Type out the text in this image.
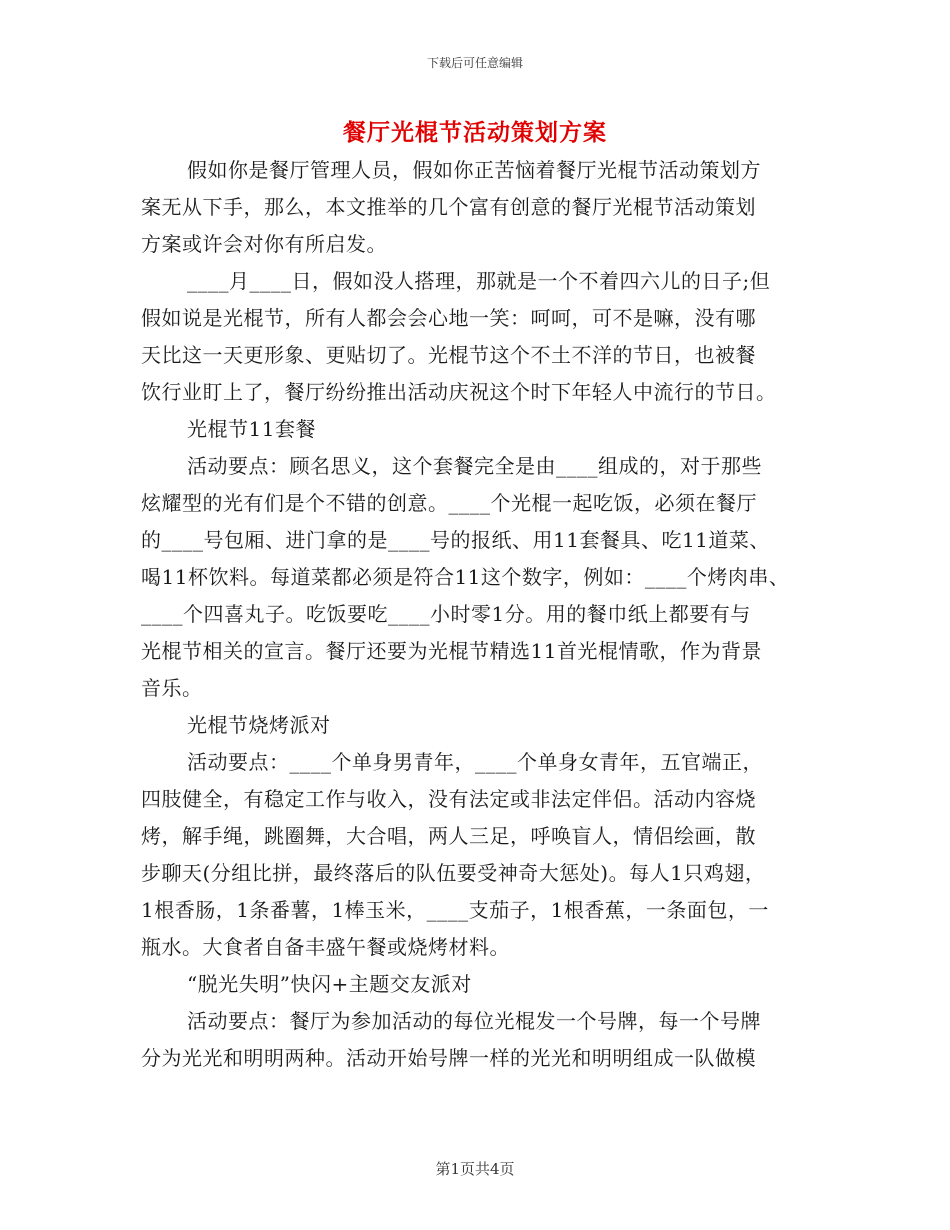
下载后可任意编辑
餐厅光棍节活动策划方案
假如你是餐厅管理人员，假如你正苦恼着餐厅光棍节活动策划方
案无从下手，那么，本文推举的几个富有创意的餐厅光棍节活动策划
方案或许会对你有所启发。
____月____日，假如没人搭理，那就是一个不着四六儿的日子;但
假如说是光棍节，所有人都会会心地一笑：呵呵，可不是嘛，没有哪
天比这一天更形象、更贴切了。光棍节这个不土不洋的节日，也被餐
饮行业盯上了，餐厅纷纷推出活动庆祝这个时下年轻人中流行的节日。
光棍节11套餐
活动要点：顾名思义，这个套餐完全是由____组成的，对于那些
炫耀型的光有们是个不错的创意。____个光棍一起吃饭，必须在餐厅
的____号包厢、进门拿的是____号的报纸、用11套餐具、吃11道菜、
喝11杯饮料。每道菜都必须是符合11这个数字，例如：____个烤肉串、
____个四喜丸子。吃饭要吃____小时零1分。用的餐巾纸上都要有与
光棍节相关的宣言。餐厅还要为光棍节精选11首光棍情歌，作为背景
音乐。
光棍节烧烤派对
活动要点：____个单身男青年，____个单身女青年，五官端正，
四肢健全，有稳定工作与收入，没有法定或非法定伴侣。活动内容烧
烤，解手绳，跳圈舞，大合唱，两人三足，呼唤盲人，情侣绘画，散
步聊天(分组比拼，最终落后的队伍要受神奇大惩处)。每人1只鸡翅，
1根香肠，1条番薯，1棒玉米，____支茄子，1根香蕉，一条面包，一
瓶水。大食者自备丰盛午餐或烧烤材料。
“脱光失明”快闪+主题交友派对
活动要点：餐厅为参加活动的每位光棍发一个号牌，每一个号牌
分为光光和明明两种。活动开始号牌一样的光光和明明组成一队做模
第1页共4页
